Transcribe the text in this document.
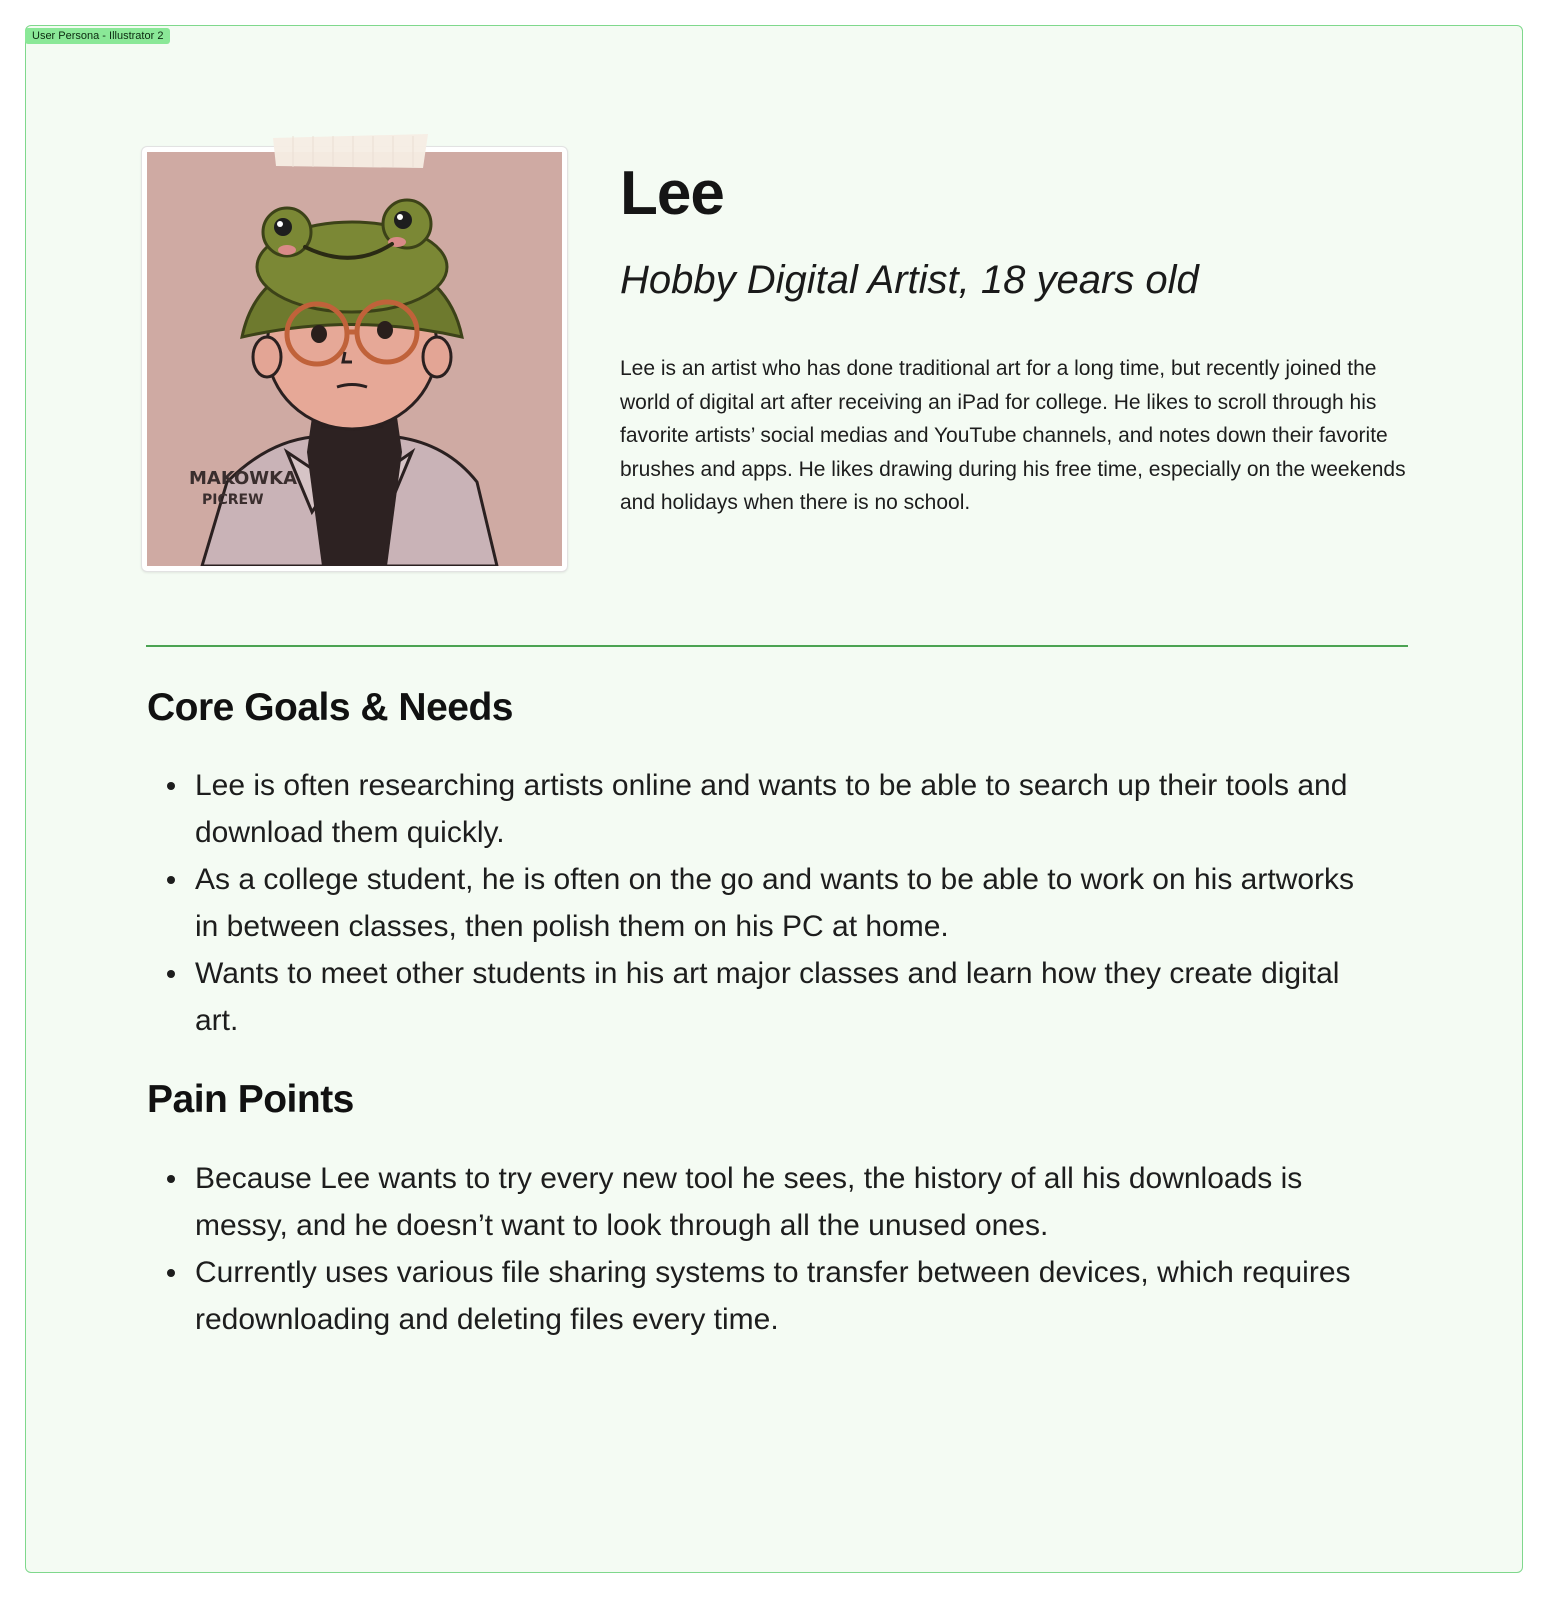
User Persona - Illustrator 2
MAKÓWKA
PICREW
Lee
Hobby Digital Artist, 18 years old

Lee is an artist who has done traditional art for a long time, but recently joined the world of digital art after receiving an iPad for college. He likes to scroll through his favorite artists’ social medias and YouTube channels, and notes down their favorite brushes and apps. He likes drawing during his free time, especially on the weekends and holidays when there is no school.

Core Goals & Needs
Lee is often researching artists online and wants to be able to search up their tools and download them quickly.
As a college student, he is often on the go and wants to be able to work on his artworks in between classes, then polish them on his PC at home.
Wants to meet other students in his art major classes and learn how they create digital art.
Pain Points
Because Lee wants to try every new tool he sees, the history of all his downloads is messy, and he doesn’t want to look through all the unused ones.
Currently uses various file sharing systems to transfer between devices, which requires redownloading and deleting files every time.
